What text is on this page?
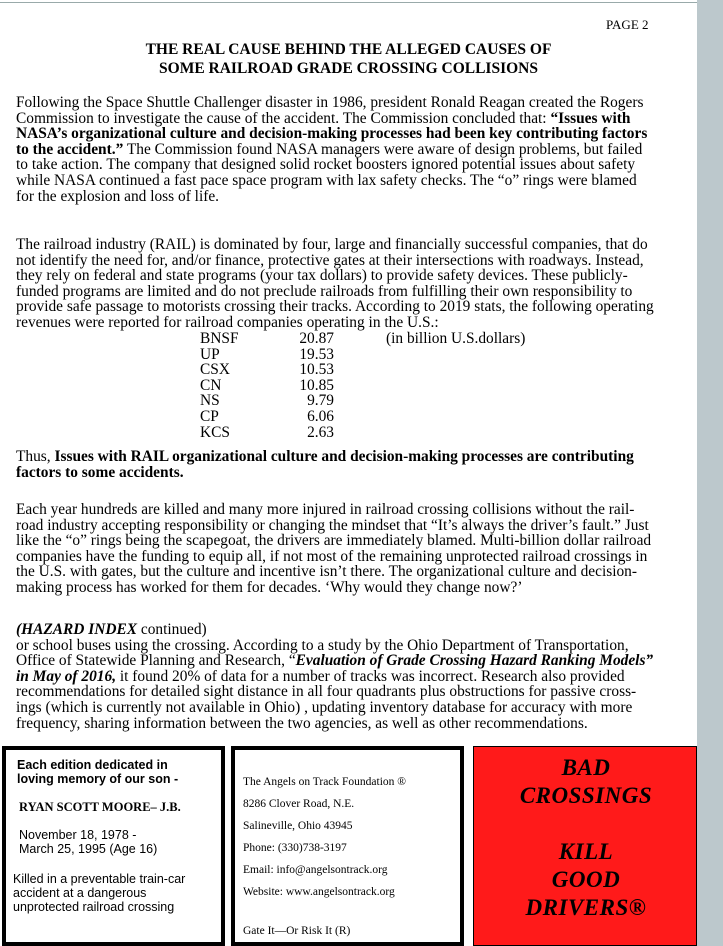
PAGE 2
THE REAL CAUSE BEHIND THE ALLEGED CAUSES OF
SOME RAILROAD GRADE CROSSING COLLISIONS
Following the Space Shuttle Challenger disaster in 1986, president Ronald Reagan created the Rogers
Commission to investigate the cause of the accident. The Commission concluded that: “Issues with
NASA’s organizational culture and decision-making processes had been key contributing factors
to the accident.” The Commission found NASA managers were aware of design problems, but failed
to take action. The company that designed solid rocket boosters ignored potential issues about safety
while NASA continued a fast pace space program with lax safety checks. The “o” rings were blamed
for the explosion and loss of life.
The railroad industry (RAIL) is dominated by four, large and financially successful companies, that do
not identify the need for, and/or finance, protective gates at their intersections with roadways. Instead,
they rely on federal and state programs (your tax dollars) to provide safety devices. These publicly-
funded programs are limited and do not preclude railroads from fulfilling their own responsibility to
provide safe passage to motorists crossing their tracks. According to 2019 stats, the following operating
revenues were reported for railroad companies operating in the U.S.:
BNSF	20.87	(in billion U.S.dollars)
UP	19.53
CSX	10.53
CN	10.85
NS	9.79
CP	6.06
KCS	2.63
Thus, Issues with RAIL organizational culture and decision-making processes are contributing
factors to some accidents.
Each year hundreds are killed and many more injured in railroad crossing collisions without the rail-
road industry accepting responsibility or changing the mindset that “It’s always the driver’s fault.” Just
like the “o” rings being the scapegoat, the drivers are immediately blamed. Multi-billion dollar railroad
companies have the funding to equip all, if not most of the remaining unprotected railroad crossings in
the U.S. with gates, but the culture and incentive isn’t there. The organizational culture and decision-
making process has worked for them for decades. ‘Why would they change now?’
(HAZARD INDEX continued)
or school buses using the crossing. According to a study by the Ohio Department of Transportation,
Office of Statewide Planning and Research, “Evaluation of Grade Crossing Hazard Ranking Models”
in May of 2016, it found 20% of data for a number of tracks was incorrect. Research also provided
recommendations for detailed sight distance in all four quadrants plus obstructions for passive cross-
ings (which is currently not available in Ohio) , updating inventory database for accuracy with more
frequency, sharing information between the two agencies, as well as other recommendations.
Each edition dedicated in
loving memory of our son -
RYAN SCOTT MOORE– J.B.
November 18, 1978 -
March 25, 1995 (Age 16)
Killed in a preventable train-car
accident at a dangerous
unprotected railroad crossing
The Angels on Track Foundation ®
8286 Clover Road, N.E.
Salineville, Ohio 43945
Phone: (330)738-3197
Email: info@angelsontrack.org
Website: www.angelsontrack.org
Gate It—Or Risk It (R)
BAD
CROSSINGS
KILL
GOOD
DRIVERS®
